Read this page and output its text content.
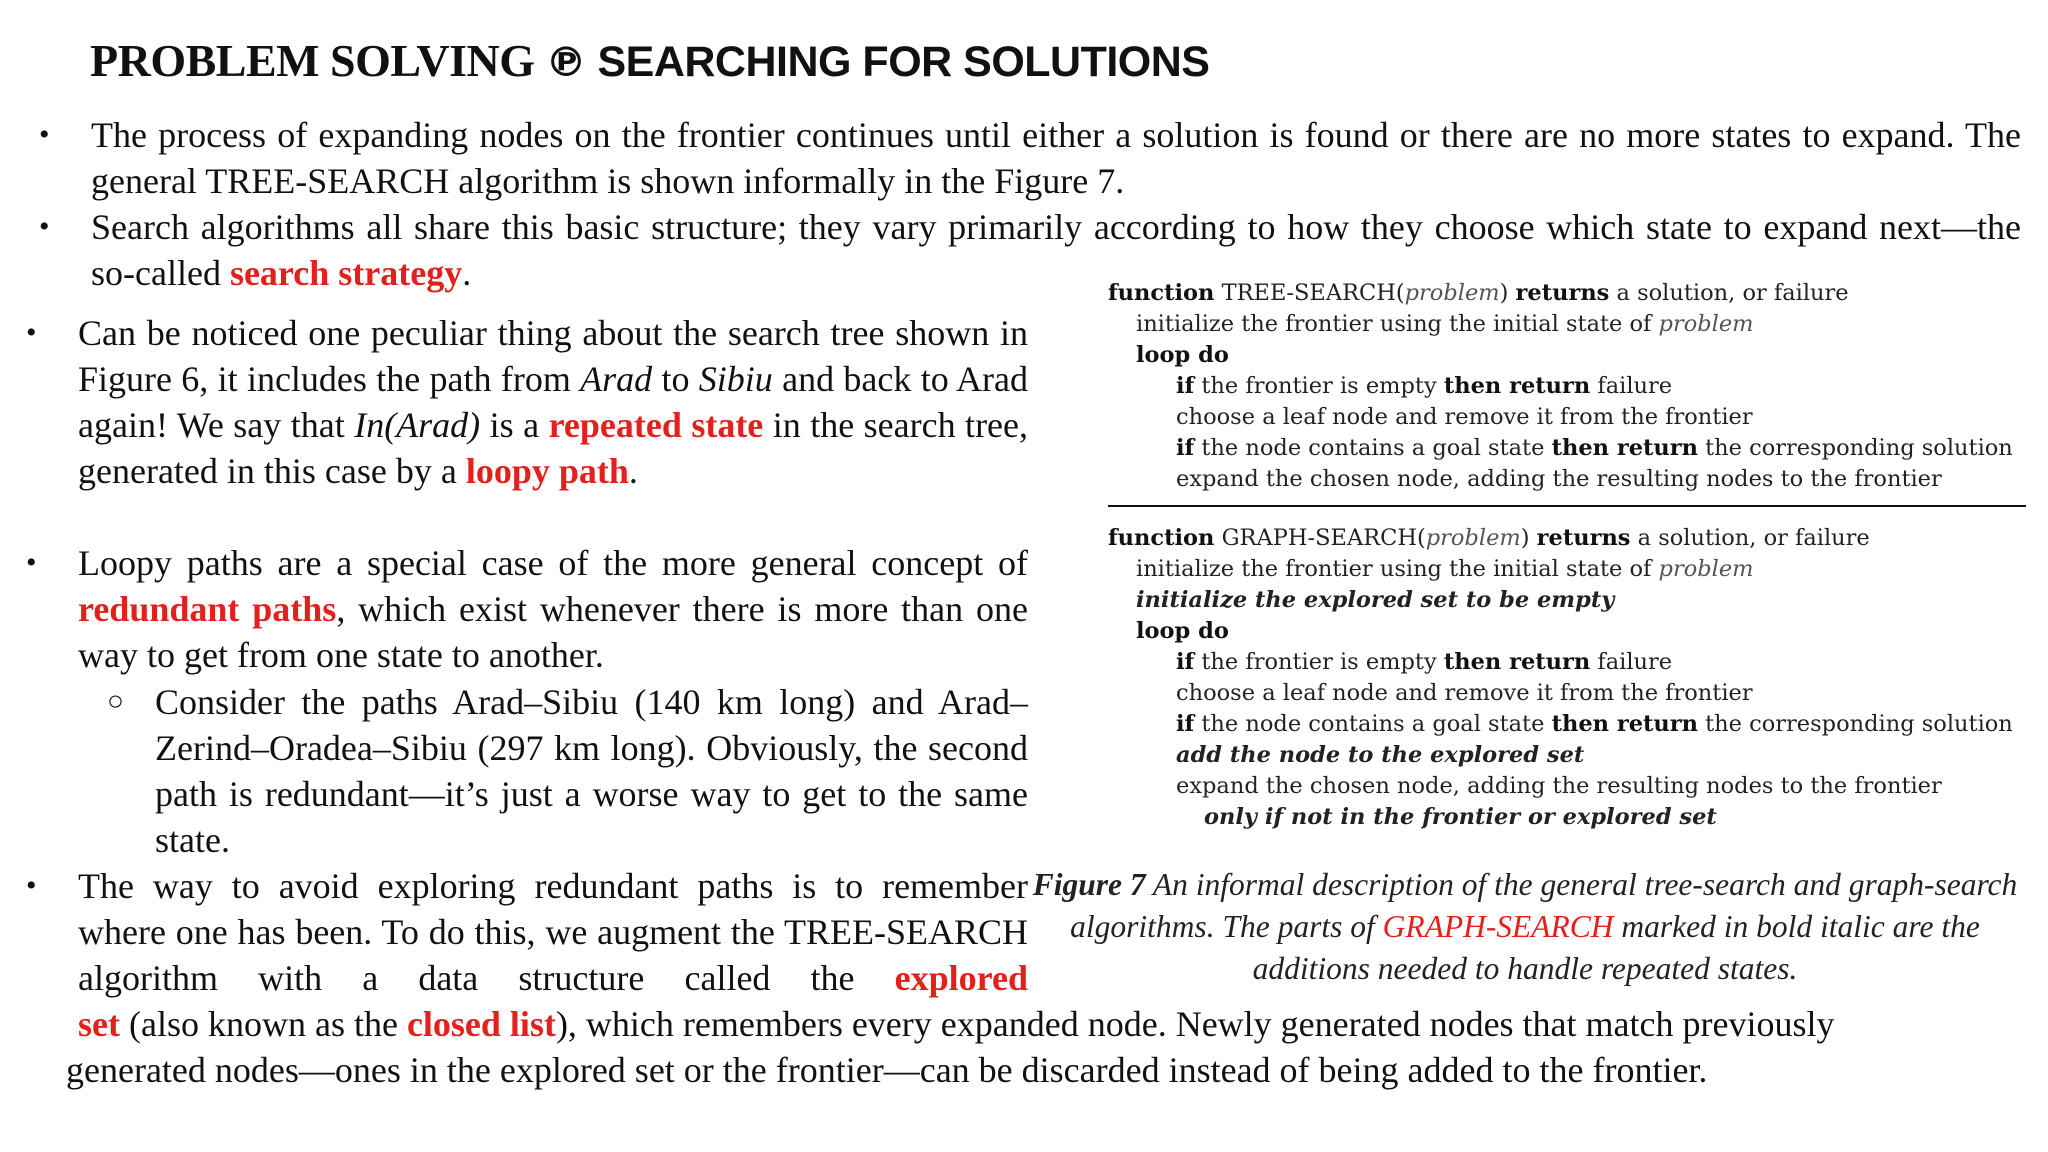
PROBLEM SOLVING ℗ SEARCHING FOR SOLUTIONS
• The process of expanding nodes on the frontier continues until either a solution is found or there are no more states to expand. The general TREE-SEARCH algorithm is shown informally in the Figure 7.
• Search algorithms all share this basic structure; they vary primarily according to how they choose which state to expand next—the so-called search strategy.
• Can be noticed one peculiar thing about the search tree shown in Figure 6, it includes the path from Arad to Sibiu and back to Arad again! We say that In(Arad) is a repeated state in the search tree, generated in this case by a loopy path.
• Loopy paths are a special case of the more general concept of redundant paths, which exist whenever there is more than one way to get from one state to another.
○ Consider the paths Arad–Sibiu (140 km long) and Arad–Zerind–Oradea–Sibiu (297 km long). Obviously, the second path is redundant—it’s just a worse way to get to the same state.
• The way to avoid exploring redundant paths is to remember where one has been. To do this, we augment the TREE-SEARCH algorithm with a data structure called the explored
set (also known as the closed list), which remembers every expanded node. Newly generated nodes that match previously
generated nodes—ones in the explored set or the frontier—can be discarded instead of being added to the frontier.
function TREE-SEARCH(problem) returns a solution, or failure
initialize the frontier using the initial state of problem
loop do
if the frontier is empty then return failure
choose a leaf node and remove it from the frontier
if the node contains a goal state then return the corresponding solution
expand the chosen node, adding the resulting nodes to the frontier
function GRAPH-SEARCH(problem) returns a solution, or failure
initialize the frontier using the initial state of problem
initialize the explored set to be empty
loop do
if the frontier is empty then return failure
choose a leaf node and remove it from the frontier
if the node contains a goal state then return the corresponding solution
add the node to the explored set
expand the chosen node, adding the resulting nodes to the frontier
only if not in the frontier or explored set
Figure 7 An informal description of the general tree-search and graph-search algorithms. The parts of GRAPH-SEARCH marked in bold italic are the additions needed to handle repeated states.
